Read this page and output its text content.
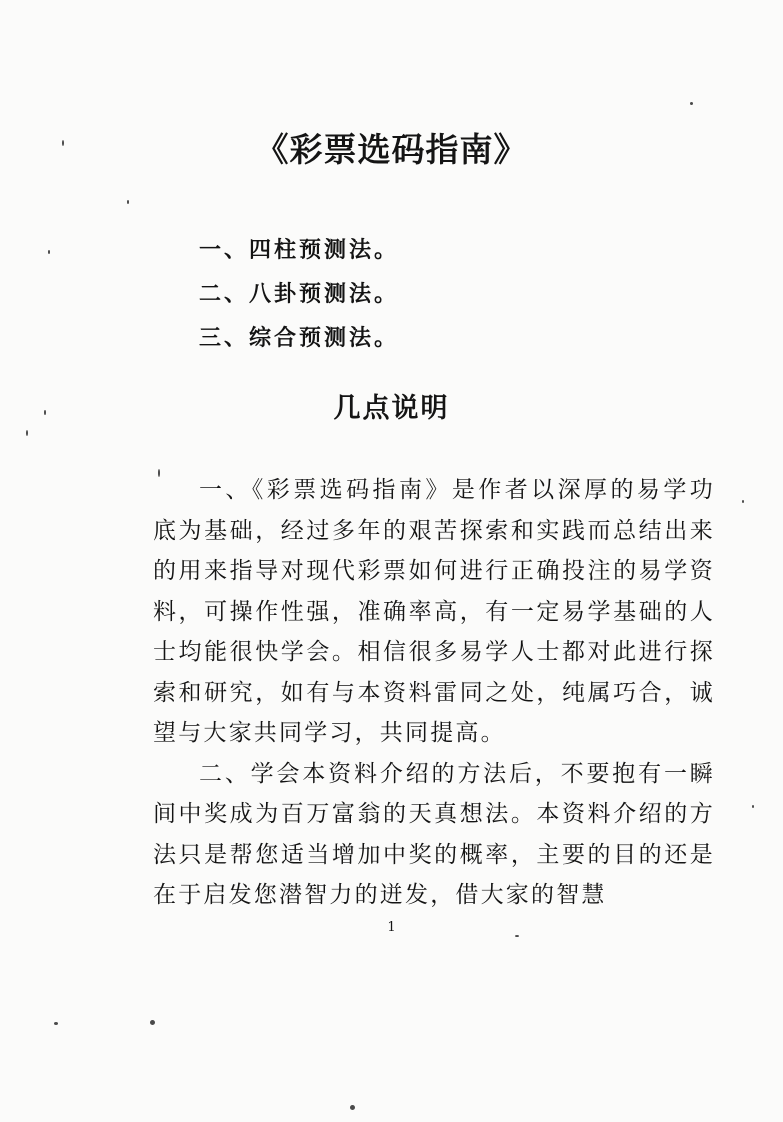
《彩票选码指南》
一、四柱预测法。
二、八卦预测法。
三、综合预测法。
几点说明

一、《彩票选码指南》是作者以深厚的易学功底为基础，经过多年的艰苦探索和实践而总结出来的用来指导对现代彩票如何进行正确投注的易学资料，可操作性强，准确率高，有一定易学基础的人士均能很快学会。相信很多易学人士都对此进行探索和研究，如有与本资料雷同之处，纯属巧合，诚望与大家共同学习，共同提高。

二、学会本资料介绍的方法后，不要抱有一瞬间中奖成为百万富翁的天真想法。本资料介绍的方法只是帮您适当增加中奖的概率，主要的目的还是在于启发您潜智力的迸发，借大家的智慧

1
